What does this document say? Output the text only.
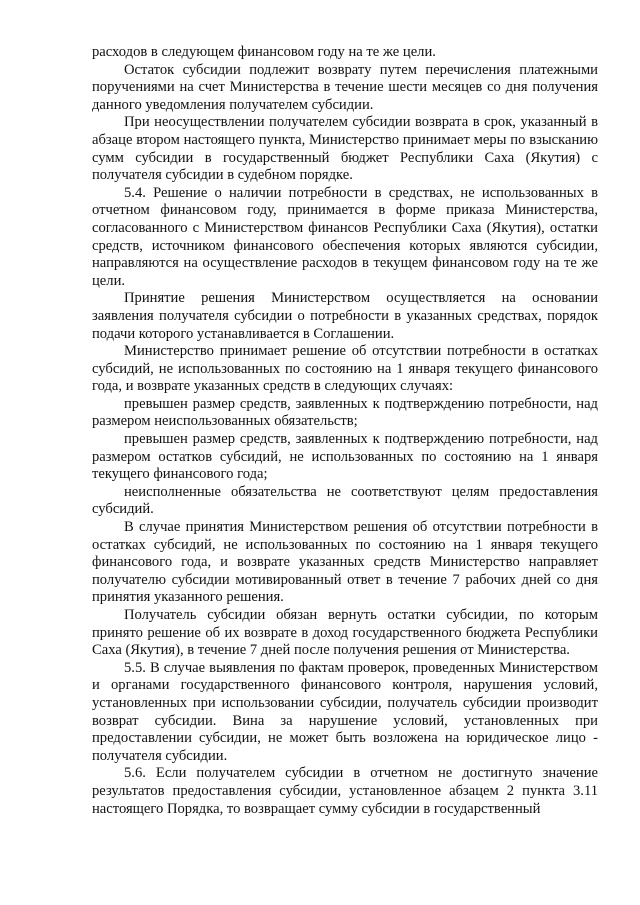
расходов в следующем финансовом году на те же цели.

Остаток субсидии подлежит возврату путем перечисления платежными поручениями на счет Министерства в течение шести месяцев со дня получения данного уведомления получателем субсидии.

При неосуществлении получателем субсидии возврата в срок, указанный в абзаце втором настоящего пункта, Министерство принимает меры по взысканию сумм субсидии в государственный бюджет Республики Саха (Якутия) с получателя субсидии в судебном порядке.

5.4. Решение о наличии потребности в средствах, не использованных в отчетном финансовом году, принимается в форме приказа Министерства, согласованного с Министерством финансов Республики Саха (Якутия), остатки средств, источником финансового обеспечения которых являются субсидии, направляются на осуществление расходов в текущем финансовом году на те же цели.

Принятие решения Министерством осуществляется на основании заявления получателя субсидии о потребности в указанных средствах, порядок подачи которого устанавливается в Соглашении.

Министерство принимает решение об отсутствии потребности в остатках субсидий, не использованных по состоянию на 1 января текущего финансового года, и возврате указанных средств в следующих случаях:

превышен размер средств, заявленных к подтверждению потребности, над размером неиспользованных обязательств;

превышен размер средств, заявленных к подтверждению потребности, над размером остатков субсидий, не использованных по состоянию на 1 января текущего финансового года;

неисполненные обязательства не соответствуют целям предоставления субсидий.

В случае принятия Министерством решения об отсутствии потребности в остатках субсидий, не использованных по состоянию на 1 января текущего финансового года, и возврате указанных средств Министерство направляет получателю субсидии мотивированный ответ в течение 7 рабочих дней со дня принятия указанного решения.

Получатель субсидии обязан вернуть остатки субсидии, по которым принято решение об их возврате в доход государственного бюджета Республики Саха (Якутия), в течение 7 дней после получения решения от Министерства.

5.5. В случае выявления по фактам проверок, проведенных Министерством и органами государственного финансового контроля, нарушения условий, установленных при использовании субсидии, получатель субсидии производит возврат субсидии. Вина за нарушение условий, установленных при предоставлении субсидии, не может быть возложена на юридическое лицо - получателя субсидии.

5.6. Если получателем субсидии в отчетном не достигнуто значение результатов предоставления субсидии, установленное абзацем 2 пункта 3.11 настоящего Порядка, то возвращает сумму субсидии в государственный
